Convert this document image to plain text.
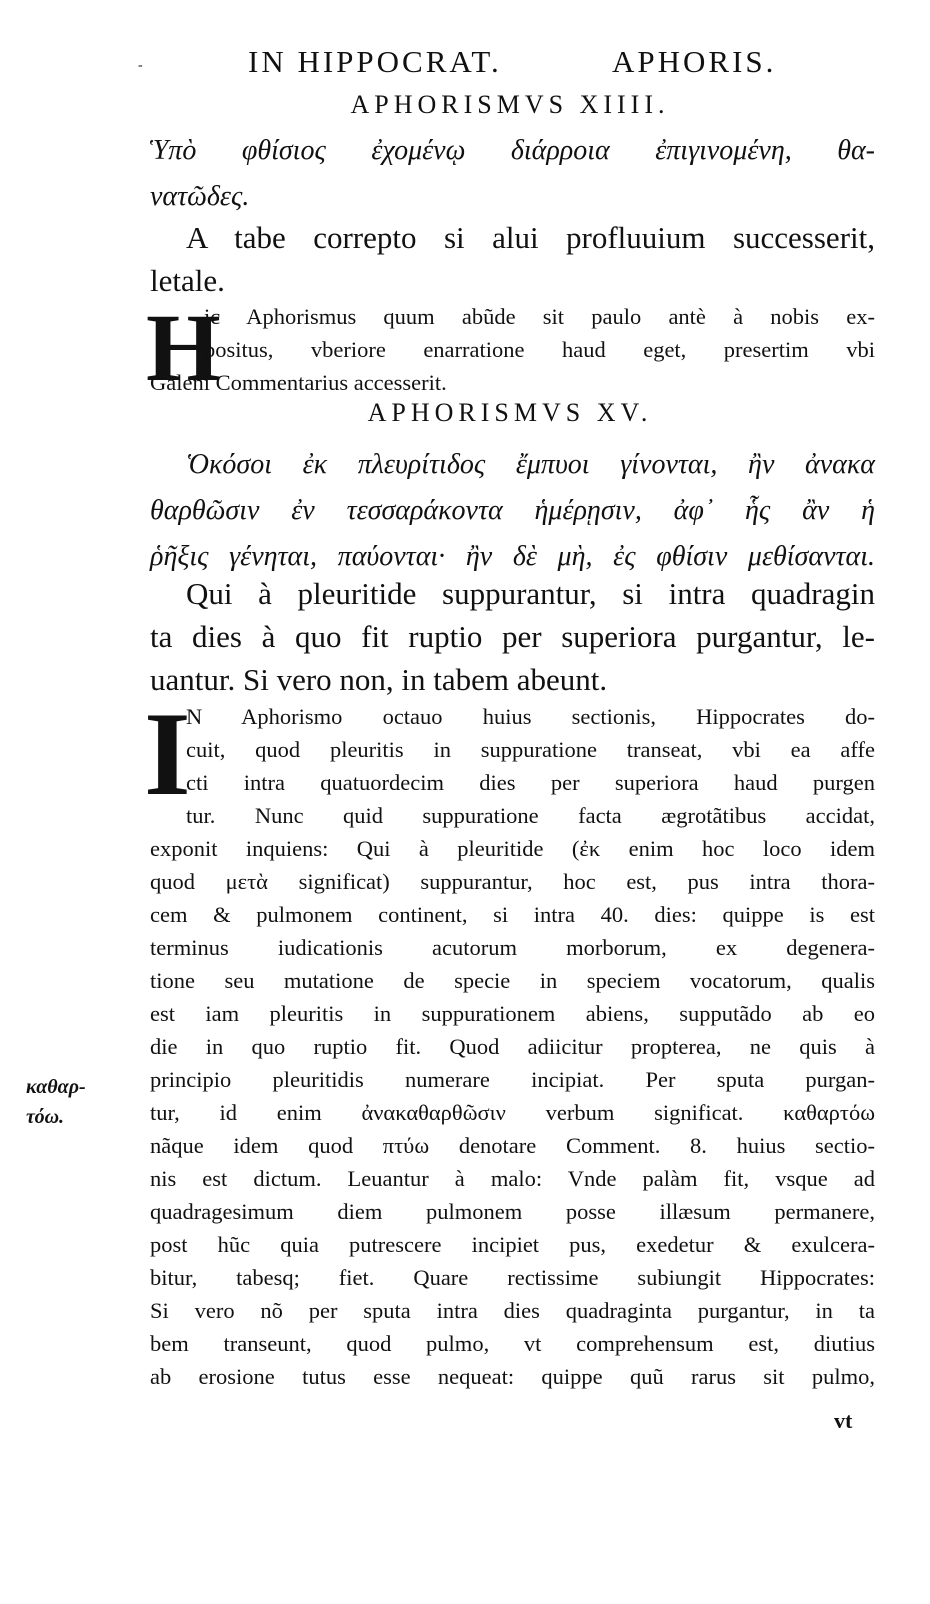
-	IN HIPPOCRAT.	APHORIS.
APHORISMVS XIIII.
Ὑπὸ φθίσιος ἐχομένῳ διάρροια ἐπιγινομένη, θα-
νατῶδες.
A tabe correpto si alui profluuium successerit,
letale.
H
ic Aphorismus quum abũde sit paulo antè à nobis ex-
positus, vberiore enarratione haud eget, presertim vbi
Galeni Commentarius accesserit.
APHORISMVS XV.
Ὁκόσοι ἐκ πλευρίτιδος ἔμπυοι γίνονται, ἢν ἀνακα
θαρθῶσιν ἐν τεσσαράκοντα ἡμέρῃσιν, ἀφ᾽ ἧς ἂν ἡ
ῥῆξις γένηται, παύονται· ἢν δὲ μὴ, ἐς φθίσιν μεθίσανται.
Qui à pleuritide suppurantur, si intra quadragin
ta dies à quo fit ruptio per superiora purgantur, le-
uantur. Si vero non, in tabem abeunt.
I
N Aphorismo octauo huius sectionis, Hippocrates do-
cuit, quod pleuritis in suppuratione transeat, vbi ea affe
cti intra quatuordecim dies per superiora haud purgen
tur. Nunc quid suppuratione facta ægrotãtibus accidat,
exponit inquiens: Qui à pleuritide (ἐκ enim hoc loco idem
quod μετὰ significat) suppurantur, hoc est, pus intra thora-
cem & pulmonem continent, si intra 40. dies: quippe is est
terminus iudicationis acutorum morborum, ex degenera-
tione seu mutatione de specie in speciem vocatorum, qualis
est iam pleuritis in suppurationem abiens, supputãdo ab eo
die in quo ruptio fit. Quod adiicitur propterea, ne quis à
principio pleuritidis numerare incipiat. Per sputa purgan-
tur, id enim ἀνακαθαρθῶσιν verbum significat. καθαρτόω
nãque idem quod πτύω denotare Comment. 8. huius sectio-
nis est dictum. Leuantur à malo: Vnde palàm fit, vsque ad
quadragesimum diem pulmonem posse illæsum permanere,
post hũc quia putrescere incipiet pus, exedetur & exulcera-
bitur, tabesq; fiet. Quare rectissime subiungit Hippocrates:
Si vero nõ per sputa intra dies quadraginta purgantur, in ta
bem transeunt, quod pulmo, vt comprehensum est, diutius
ab erosione tutus esse nequeat: quippe quũ rarus sit pulmo,
καθαρ-
τόω.
vt
